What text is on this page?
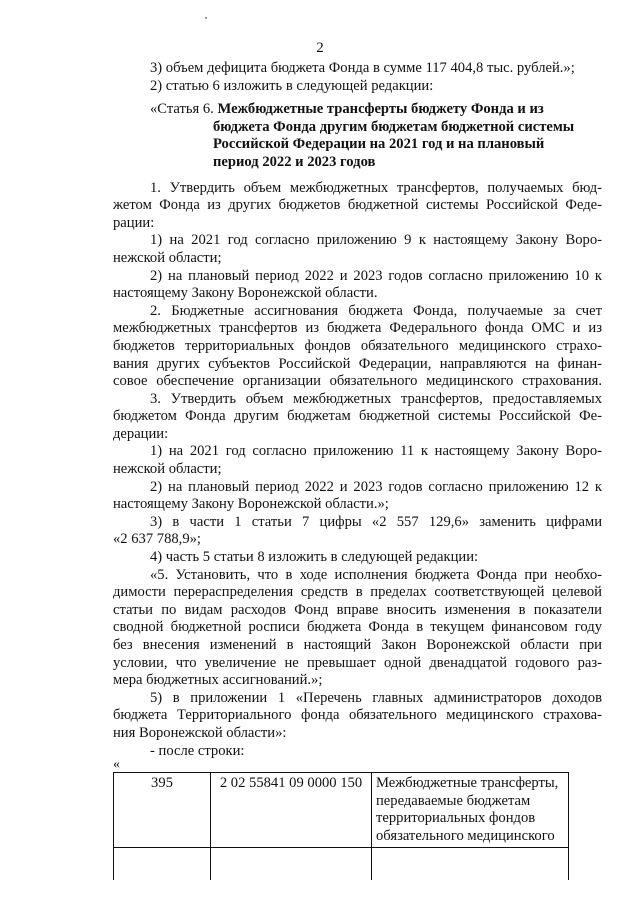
2
3) объем дефицита бюджета Фонда в сумме 117 404,8 тыс. рублей.»;
2) статью 6 изложить в следующей редакции:
«Статья 6. Межбюджетные трансферты бюджету Фонда и из
бюджета Фонда другим бюджетам бюджетной системы
Российской Федерации на 2021 год и на плановый
период 2022 и 2023 годов
1. Утвердить объем межбюджетных трансфертов, получаемых бюд-
жетом Фонда из других бюджетов бюджетной системы Российской Феде-
рации:
1) на 2021 год согласно приложению 9 к настоящему Закону Воро-
нежской области;
2) на плановый период 2022 и 2023 годов согласно приложению 10 к
настоящему Закону Воронежской области.
2. Бюджетные ассигнования бюджета Фонда, получаемые за счет
межбюджетных трансфертов из бюджета Федерального фонда ОМС и из
бюджетов территориальных фондов обязательного медицинского страхо-
вания других субъектов Российской Федерации, направляются на финан-
совое обеспечение организации обязательного медицинского страхования.
3. Утвердить объем межбюджетных трансфертов, предоставляемых
бюджетом Фонда другим бюджетам бюджетной системы Российской Фе-
дерации:
1) на 2021 год согласно приложению 11 к настоящему Закону Воро-
нежской области;
2) на плановый период 2022 и 2023 годов согласно приложению 12 к
настоящему Закону Воронежской области.»;
3) в части 1 статьи 7 цифры «2 557 129,6» заменить цифрами
«2 637 788,9»;
4) часть 5 статьи 8 изложить в следующей редакции:
«5. Установить, что в ходе исполнения бюджета Фонда при необхо-
димости перераспределения средств в пределах соответствующей целевой
статьи по видам расходов Фонд вправе вносить изменения в показатели
сводной бюджетной росписи бюджета Фонда в текущем финансовом году
без внесения изменений в настоящий Закон Воронежской области при
условии, что увеличение не превышает одной двенадцатой годового раз-
мера бюджетных ассигнований.»;
5) в приложении 1 «Перечень главных администраторов доходов
бюджета Территориального фонда обязательного медицинского страхова-
ния Воронежской области»:
- после строки:
«
395	2 02 55841 09 0000 150	Межбюджетные трансферты,
передаваемые бюджетам
территориальных фондов
обязательного медицинского
